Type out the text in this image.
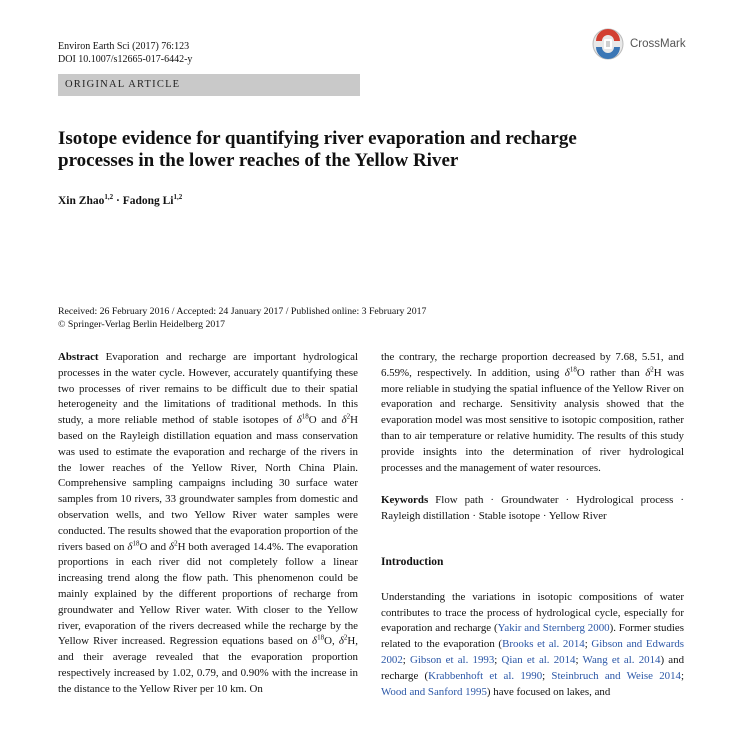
Environ Earth Sci (2017) 76:123
DOI 10.1007/s12665-017-6442-y
CrossMark
ORIGINAL ARTICLE
Isotope evidence for quantifying river evaporation and recharge
processes in the lower reaches of the Yellow River
Xin Zhao$^{1,2}$ · Fadong Li$^{1,2}$
Received: 26 February 2016 / Accepted: 24 January 2017 / Published online: 3 February 2017
© Springer-Verlag Berlin Heidelberg 2017

Abstract Evaporation and recharge are important hydrological processes in the water cycle. However, accurately quantifying these two processes of river remains to be difficult due to their spatial heterogeneity and the limitations of traditional methods. In this study, a more reliable method of stable isotopes of $\delta^{18}O$ and $\delta^2H$ based on the Rayleigh distillation equation and mass conservation was used to estimate the evaporation and recharge of the rivers in the lower reaches of the Yellow River, North China Plain. Comprehensive sampling campaigns including 30 surface water samples from 10 rivers, 33 groundwater samples from domestic and observation wells, and two Yellow River water samples were conducted. The results showed that the evaporation proportion of the rivers based on $\delta^{18}O$ and $\delta^2H$ both averaged 14.4%. The evaporation proportions in each river did not completely follow a linear increasing trend along the flow path. This phenomenon could be mainly explained by the different proportions of recharge from groundwater and Yellow River water. With closer to the Yellow river, evaporation of the rivers decreased while the recharge by the Yellow River increased. Regression equations based on $\delta^{18}O$, $\delta^2H$, and their average revealed that the evaporation proportion respectively increased by 1.02, 0.79, and 0.90% with the increase in the distance to the Yellow River per 10 km. On

the contrary, the recharge proportion decreased by 7.68, 5.51, and 6.59%, respectively. In addition, using $\delta^{18}O$ rather than $\delta^2H$ was more reliable in studying the spatial influence of the Yellow River on evaporation and recharge. Sensitivity analysis showed that the evaporation model was most sensitive to isotopic composition, rather than to air temperature or relative humidity. The results of this study provide insights into the determination of river hydrological processes and the management of water resources.

Keywords Flow path · Groundwater · Hydrological process · Rayleigh distillation · Stable isotope · Yellow River

Introduction

Understanding the variations in isotopic compositions of water contributes to trace the process of hydrological cycle, especially for evaporation and recharge (Yakir and Sternberg 2000). Former studies related to the evaporation (Brooks et al. 2014; Gibson and Edwards 2002; Gibson et al. 1993; Qian et al. 2014; Wang et al. 2014) and recharge (Krabbenhoft et al. 1990; Steinbruch and Weise 2014; Wood and Sanford 1995) have focused on lakes, and
